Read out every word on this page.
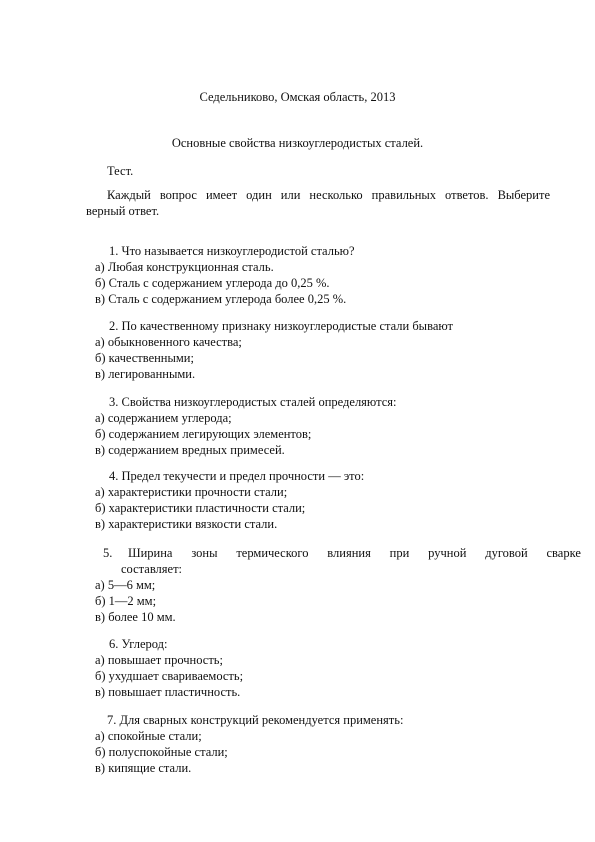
Седельниково, Омская область, 2013
Основные свойства низкоуглеродистых сталей.
Тест.
Каждый вопрос имеет один или несколько правильных ответов. Выберите
верный ответ.
1. Что называется низкоуглеродистой сталью?
а) Любая конструкционная сталь.
б) Сталь с содержанием углерода до 0,25 %.
в) Сталь с содержанием углерода более 0,25 %.
2. По качественному признаку низкоуглеродистые стали бывают
а) обыкновенного качества;
б) качественными;
в) легированными.
3. Свойства низкоуглеродистых сталей определяются:
а) содержанием углерода;
б) содержанием легирующих элементов;
в) содержанием вредных примесей.
4. Предел текучести и предел прочности — это:
а) характеристики прочности стали;
б) характеристики пластичности стали;
в) характеристики вязкости стали.
5. Ширина зоны термического влияния при ручной дуговой сварке
составляет:
а) 5—6 мм;
б) 1—2 мм;
в) более 10 мм.
6. Углерод:
а) повышает прочность;
б) ухудшает свариваемость;
в) повышает пластичность.
7. Для сварных конструкций рекомендуется применять:
а) спокойные стали;
б) полуспокойные стали;
в) кипящие стали.
